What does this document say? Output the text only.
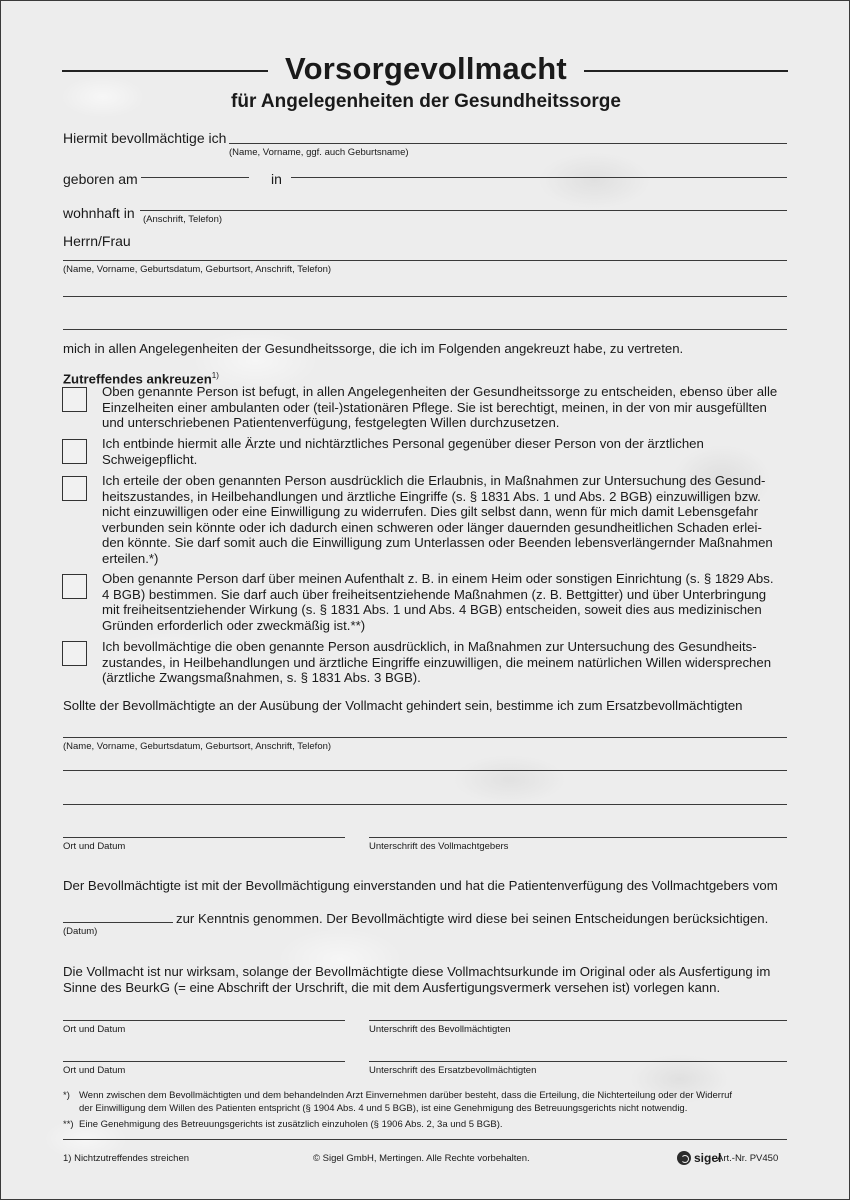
Vorsorgevollmacht
für Angelegenheiten der Gesundheitssorge
Hiermit bevollmächtige ich
(Name, Vorname, ggf. auch Geburtsname)
geboren am	in
wohnhaft in (Anschrift, Telefon)
Herrn/Frau
(Name, Vorname, Geburtsdatum, Geburtsort, Anschrift, Telefon)
mich in allen Angelegenheiten der Gesundheitssorge, die ich im Folgenden angekreuzt habe, zu vertreten.
Zutreffendes ankreuzen$^{1)}$
Oben genannte Person ist befugt, in allen Angelegenheiten der Gesundheitssorge zu entscheiden, ebenso über alle
Einzelheiten einer ambulanten oder (teil-)stationären Pflege. Sie ist berechtigt, meinen, in der von mir ausgefüllten
und unterschriebenen Patientenverfügung, festgelegten Willen durchzusetzen.
Ich entbinde hiermit alle Ärzte und nichtärztliches Personal gegenüber dieser Person von der ärztlichen
Schweigepflicht.
Ich erteile der oben genannten Person ausdrücklich die Erlaubnis, in Maßnahmen zur Untersuchung des Gesund-
heitszustandes, in Heilbehandlungen und ärztliche Eingriffe (s. § 1831 Abs. 1 und Abs. 2 BGB) einzuwilligen bzw.
nicht einzuwilligen oder eine Einwilligung zu widerrufen. Dies gilt selbst dann, wenn für mich damit Lebensgefahr
verbunden sein könnte oder ich dadurch einen schweren oder länger dauernden gesundheitlichen Schaden erlei-
den könnte. Sie darf somit auch die Einwilligung zum Unterlassen oder Beenden lebensverlängernder Maßnahmen
erteilen.*)
Oben genannte Person darf über meinen Aufenthalt z. B. in einem Heim oder sonstigen Einrichtung (s. § 1829 Abs.
4 BGB) bestimmen. Sie darf auch über freiheitsentziehende Maßnahmen (z. B. Bettgitter) und über Unterbringung
mit freiheitsentziehender Wirkung (s. § 1831 Abs. 1 und Abs. 4 BGB) entscheiden, soweit dies aus medizinischen
Gründen erforderlich oder zweckmäßig ist.**)
Ich bevollmächtige die oben genannte Person ausdrücklich, in Maßnahmen zur Untersuchung des Gesundheits-
zustandes, in Heilbehandlungen und ärztliche Eingriffe einzuwilligen, die meinem natürlichen Willen widersprechen
(ärztliche Zwangsmaßnahmen, s. § 1831 Abs. 3 BGB).
Sollte der Bevollmächtigte an der Ausübung der Vollmacht gehindert sein, bestimme ich zum Ersatzbevollmächtigten
(Name, Vorname, Geburtsdatum, Geburtsort, Anschrift, Telefon)
Ort und Datum	Unterschrift des Vollmachtgebers
Der Bevollmächtigte ist mit der Bevollmächtigung einverstanden und hat die Patientenverfügung des Vollmachtgebers vom
zur Kenntnis genommen. Der Bevollmächtigte wird diese bei seinen Entscheidungen berücksichtigen.
(Datum)
Die Vollmacht ist nur wirksam, solange der Bevollmächtigte diese Vollmachtsurkunde im Original oder als Ausfertigung im
Sinne des BeurkG (= eine Abschrift der Urschrift, die mit dem Ausfertigungsvermerk versehen ist) vorlegen kann.
Ort und Datum	Unterschrift des Bevollmächtigten
Ort und Datum	Unterschrift des Ersatzbevollmächtigten
*) Wenn zwischen dem Bevollmächtigten und dem behandelnden Arzt Einvernehmen darüber besteht, dass die Erteilung, die Nichterteilung oder der Widerruf
der Einwilligung dem Willen des Patienten entspricht (§ 1904 Abs. 4 und 5 BGB), ist eine Genehmigung des Betreuungsgerichts nicht notwendig.
**) Eine Genehmigung des Betreuungsgerichts ist zusätzlich einzuholen (§ 1906 Abs. 2, 3a und 5 BGB).
1) Nichtzutreffendes streichen	© Sigel GmbH, Mertingen. Alle Rechte vorbehalten.	sigel
Art.-Nr. PV450
